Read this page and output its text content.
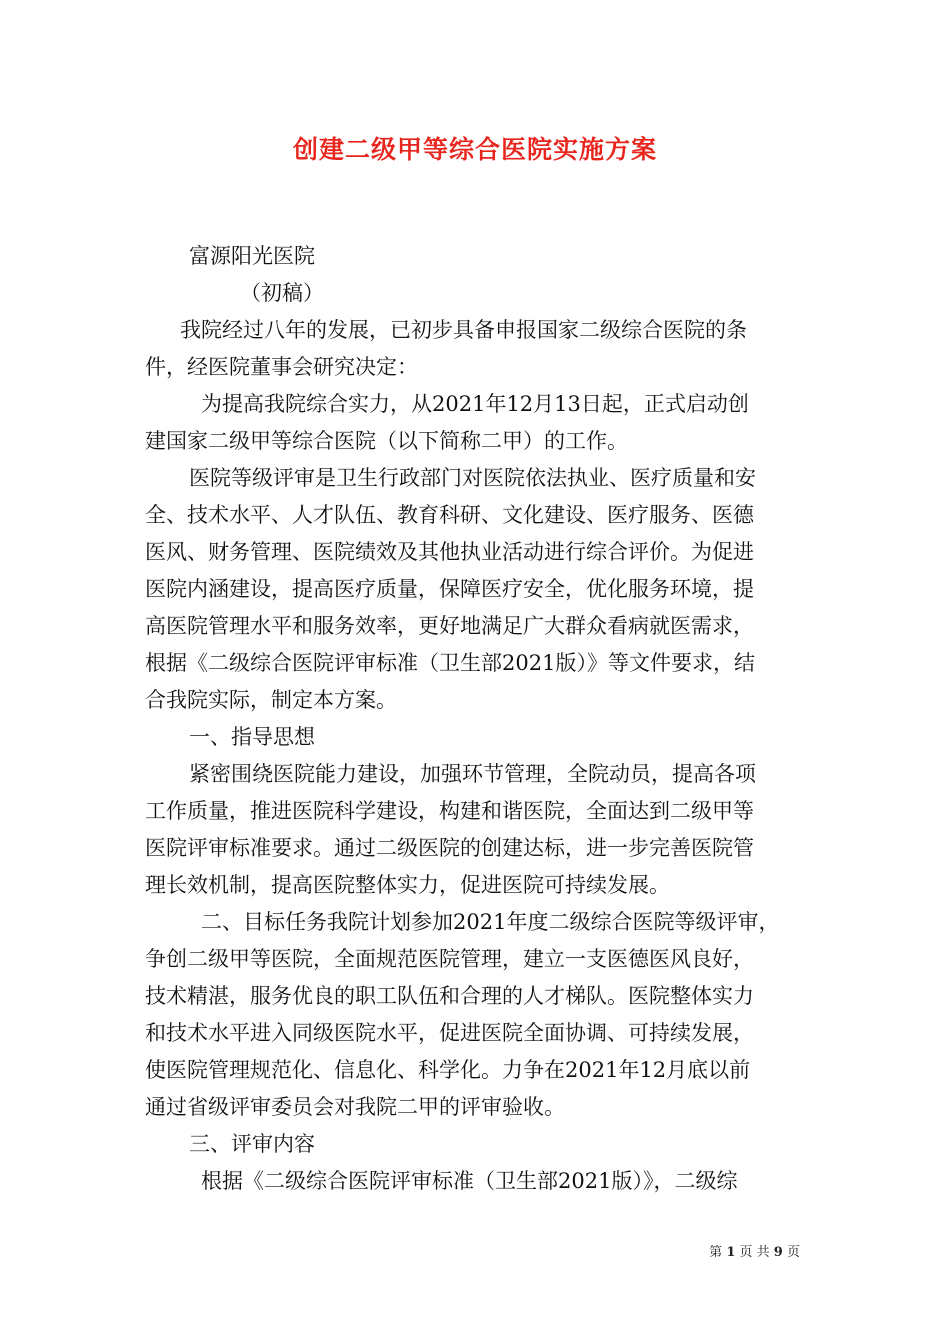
创建二级甲等综合医院实施方案
富源阳光医院
（初稿）
我院经过八年的发展，已初步具备申报国家二级综合医院的条
件，经医院董事会研究决定：
为提高我院综合实力，从2021年12月13日起，正式启动创
建国家二级甲等综合医院（以下简称二甲）的工作。
医院等级评审是卫生行政部门对医院依法执业、医疗质量和安
全、技术水平、人才队伍、教育科研、文化建设、医疗服务、医德
医风、财务管理、医院绩效及其他执业活动进行综合评价。为促进
医院内涵建设，提高医疗质量，保障医疗安全，优化服务环境，提
高医院管理水平和服务效率，更好地满足广大群众看病就医需求，
根据《二级综合医院评审标准（卫生部2021版）》等文件要求，结
合我院实际，制定本方案。
一、指导思想
紧密围绕医院能力建设，加强环节管理，全院动员，提高各项
工作质量，推进医院科学建设，构建和谐医院，全面达到二级甲等
医院评审标准要求。通过二级医院的创建达标，进一步完善医院管
理长效机制，提高医院整体实力，促进医院可持续发展。
二、目标任务我院计划参加2021年度二级综合医院等级评审，
争创二级甲等医院，全面规范医院管理，建立一支医德医风良好，
技术精湛，服务优良的职工队伍和合理的人才梯队。医院整体实力
和技术水平进入同级医院水平，促进医院全面协调、可持续发展，
使医院管理规范化、信息化、科学化。力争在2021年12月底以前
通过省级评审委员会对我院二甲的评审验收。
三、评审内容
根据《二级综合医院评审标准（卫生部2021版）》，二级综
第 1 页 共 9 页
